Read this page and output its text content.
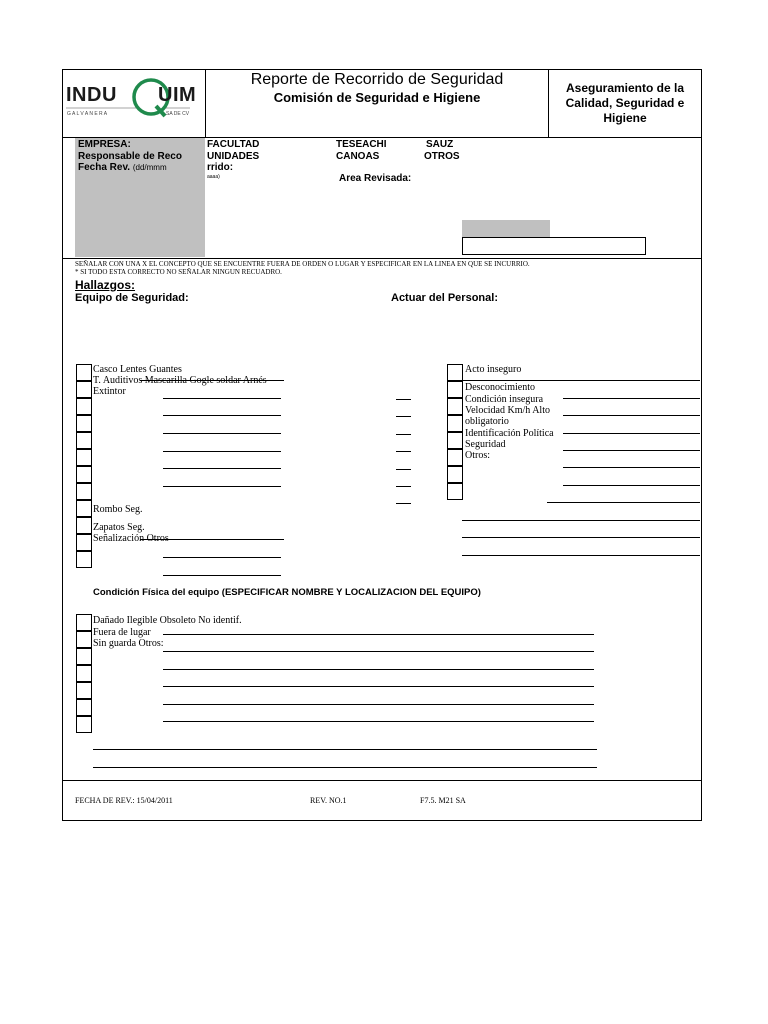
INDU UIM
G A L V A N E R A	SA DE CV
Reporte de Recorrido de Seguridad
Comisión de Seguridad e Higiene
Aseguramiento de la
Calidad, Seguridad e
Higiene
EMPRESA:
Responsable de Reco
Fecha Rev. (dd/mmm
FACULTAD
UNIDADES
rrido:
aaaa)
TESEACHI
CANOAS
SAUZ
OTROS
Area Revisada:
SEÑALAR CON UNA X EL CONCEPTO QUE SE ENCUENTRE FUERA DE ORDEN O LUGAR Y ESPECIFICAR EN LA LINEA EN QUE SE INCURRIO.
* SI TODO ESTA CORRECTO NO SEÑALAR NINGUN RECUADRO.
Hallazgos:
Equipo de Seguridad:	Actuar del Personal:
Casco Lentes Guantes
T. Auditivos Mascarilla Gogle soldar Arnés
Extintor
Rombo Seg.
Zapatos Seg.
Señalización Otros
Acto inseguro
Desconocimiento
Condición insegura
Velocidad Km/h Alto
obligatorio
Identificación Política
Seguridad
Otros:
Condición Física del equipo (ESPECIFICAR NOMBRE Y LOCALIZACION DEL EQUIPO)
Dañado Ilegible Obsoleto No identif.
Fuera de lugar
Sin guarda Otros:
FECHA DE REV.: 15/04/2011	REV. NO.1	F7.5. M21 SA
